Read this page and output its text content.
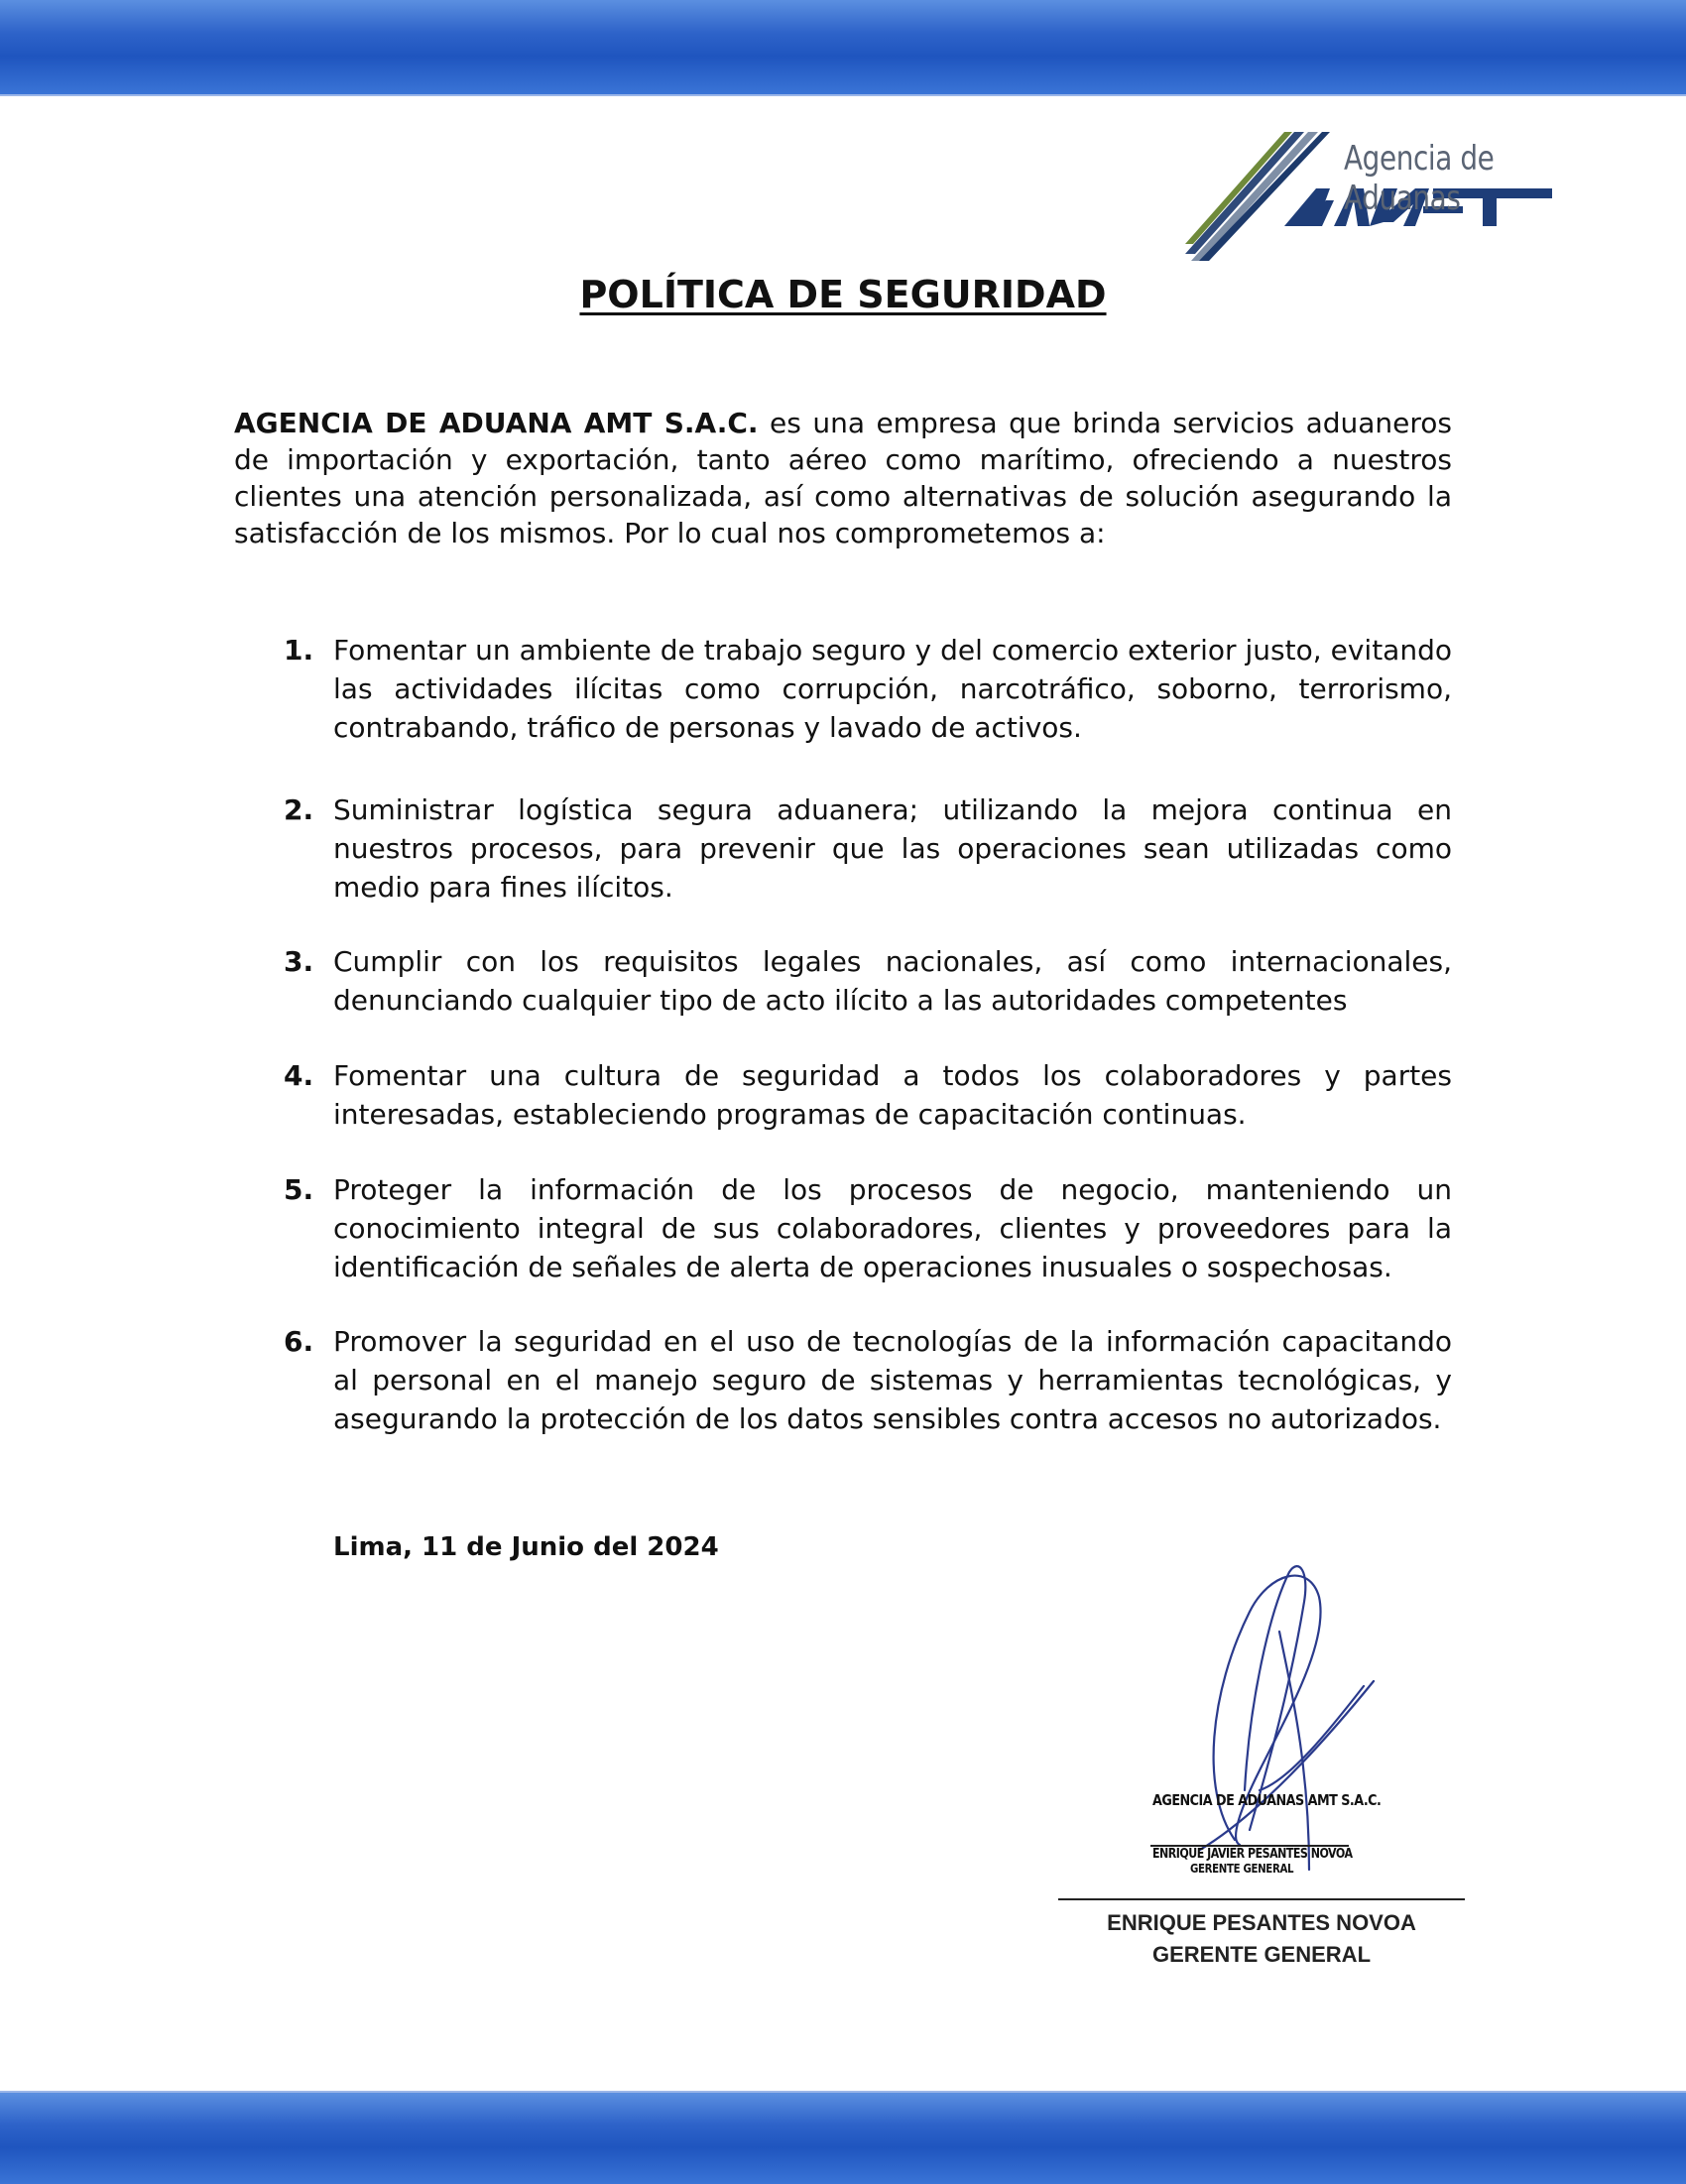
Agencia de Aduanas
POLÍTICA DE SEGURIDAD
AGENCIA DE ADUANA AMT S.A.C. es una empresa que brinda servicios aduaneros de importación y exportación, tanto aéreo como marítimo, ofreciendo a nuestros clientes una atención personalizada, así como alternativas de solución asegurando la satisfacción de los mismos. Por lo cual nos comprometemos a:
1. Fomentar un ambiente de trabajo seguro y del comercio exterior justo, evitando las actividades ilícitas como corrupción, narcotráfico, soborno, terrorismo, contrabando, tráfico de personas y lavado de activos.
2. Suministrar logística segura aduanera; utilizando la mejora continua en nuestros procesos, para prevenir que las operaciones sean utilizadas como medio para fines ilícitos.
3. Cumplir con los requisitos legales nacionales, así como internacionales, denunciando cualquier tipo de acto ilícito a las autoridades competentes
4. Fomentar una cultura de seguridad a todos los colaboradores y partes interesadas, estableciendo programas de capacitación continuas.
5. Proteger la información de los procesos de negocio, manteniendo un conocimiento integral de sus colaboradores, clientes y proveedores para la identificación de señales de alerta de operaciones inusuales o sospechosas.
6. Promover la seguridad en el uso de tecnologías de la información capacitando al personal en el manejo seguro de sistemas y herramientas tecnológicas, y asegurando la protección de los datos sensibles contra accesos no autorizados.
Lima, 11 de Junio del 2024
AGENCIA DE ADUANAS AMT S.A.C.
ENRIQUE JAVIER PESANTES NOVOA
GERENTE GENERAL
ENRIQUE PESANTES NOVOA
GERENTE GENERAL
